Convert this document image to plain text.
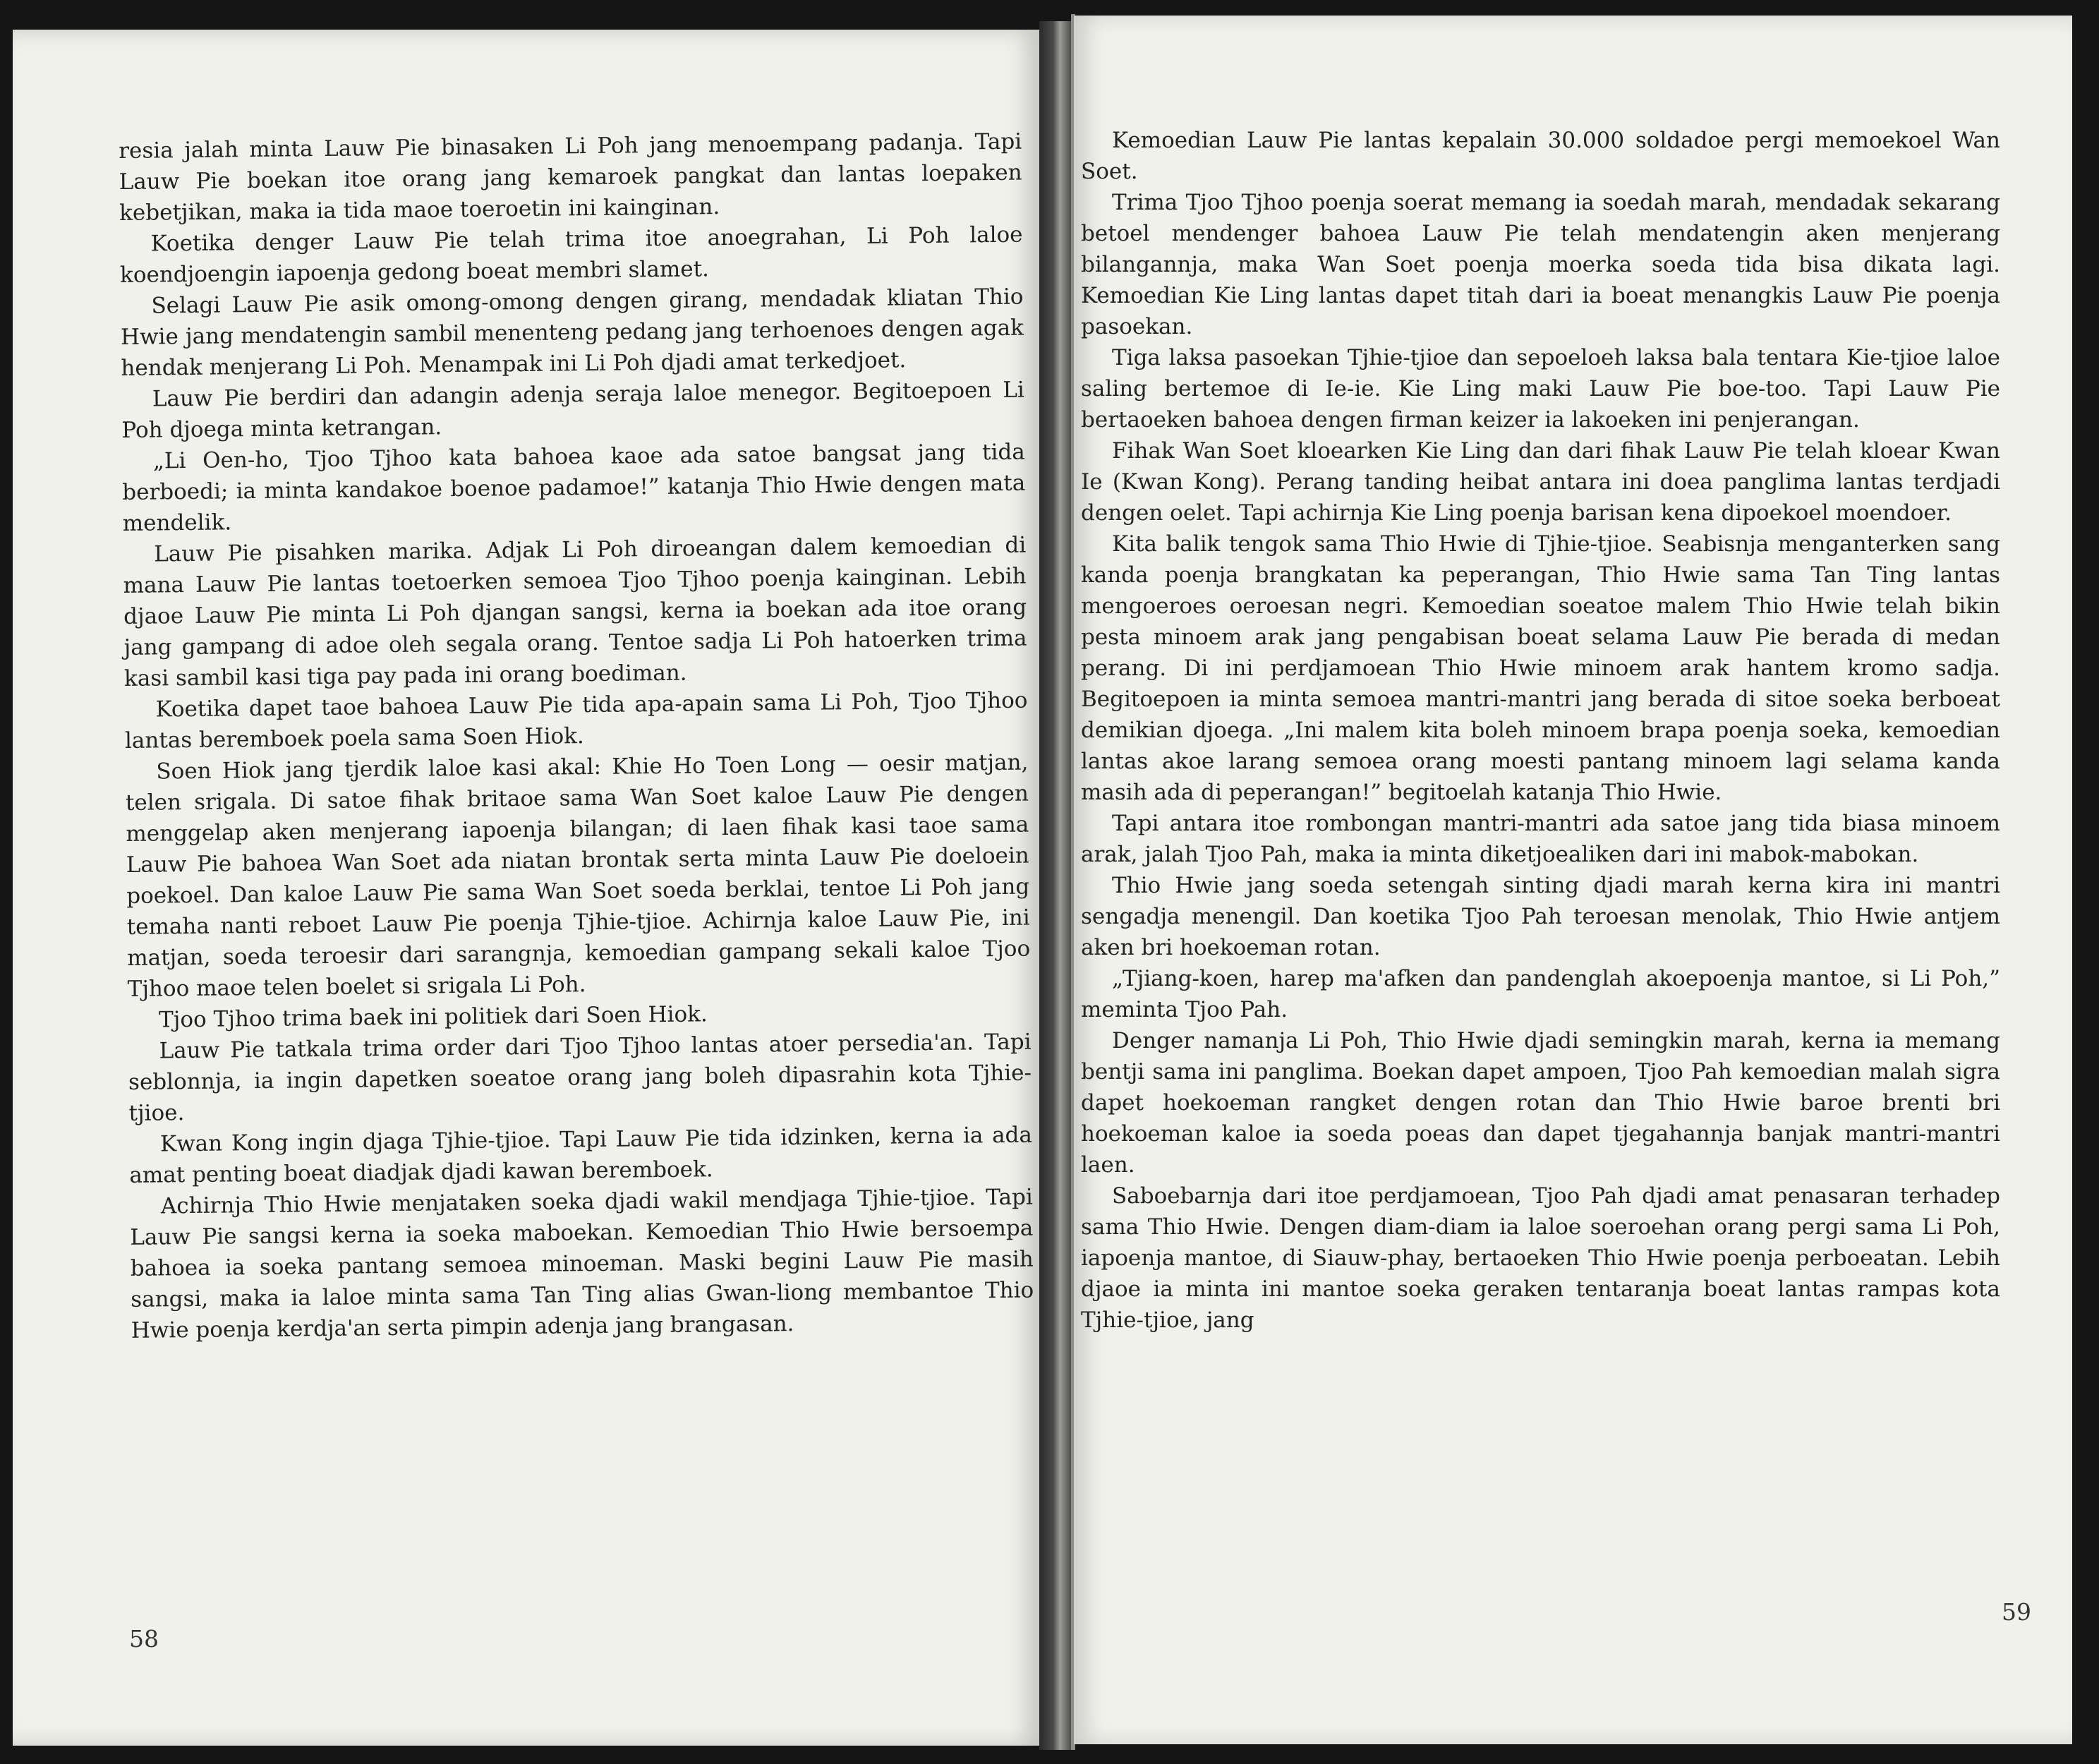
resia jalah minta Lauw Pie binasaken Li Poh jang menoempang padanja. Tapi Lauw Pie boekan itoe orang jang kemaroek pangkat dan lantas loepaken kebetjikan, maka ia tida maoe toeroetin ini kainginan.

Koetika denger Lauw Pie telah trima itoe anoegrahan, Li Poh laloe koendjoengin iapoenja gedong boeat membri slamet.

Selagi Lauw Pie asik omong-omong dengen girang, mendadak kliatan Thio Hwie jang mendatengin sambil menenteng pedang jang terhoenoes dengen agak hendak menjerang Li Poh. Menampak ini Li Poh djadi amat terkedjoet.

Lauw Pie berdiri dan adangin adenja seraja laloe menegor. Begitoepoen Li Poh djoega minta ketrangan.

„Li Oen-ho, Tjoo Tjhoo kata bahoea kaoe ada satoe bangsat jang tida berboedi; ia minta kandakoe boenoe padamoe!” katanja Thio Hwie dengen mata mendelik.

Lauw Pie pisahken marika. Adjak Li Poh diroeangan dalem kemoedian di mana Lauw Pie lantas toetoerken semoea Tjoo Tjhoo poenja kainginan. Lebih djaoe Lauw Pie minta Li Poh djangan sangsi, kerna ia boekan ada itoe orang jang gampang di adoe oleh segala orang. Tentoe sadja Li Poh hatoerken trima kasi sambil kasi tiga pay pada ini orang boediman.

Koetika dapet taoe bahoea Lauw Pie tida apa-apain sama Li Poh, Tjoo Tjhoo lantas beremboek poela sama Soen Hiok.

Soen Hiok jang tjerdik laloe kasi akal: Khie Ho Toen Long — oesir matjan, telen srigala. Di satoe fihak britaoe sama Wan Soet kaloe Lauw Pie dengen menggelap aken menjerang iapoenja bilangan; di laen fihak kasi taoe sama Lauw Pie bahoea Wan Soet ada niatan brontak serta minta Lauw Pie doeloein poekoel. Dan kaloe Lauw Pie sama Wan Soet soeda berklai, tentoe Li Poh jang temaha nanti reboet Lauw Pie poenja Tjhie-tjioe. Achirnja kaloe Lauw Pie, ini matjan, soeda teroesir dari sarangnja, kemoedian gampang sekali kaloe Tjoo Tjhoo maoe telen boelet si srigala Li Poh.

Tjoo Tjhoo trima baek ini politiek dari Soen Hiok.

Lauw Pie tatkala trima order dari Tjoo Tjhoo lantas atoer persedia'an. Tapi seblonnja, ia ingin dapetken soeatoe orang jang boleh dipasrahin kota Tjhie-tjioe.

Kwan Kong ingin djaga Tjhie-tjioe. Tapi Lauw Pie tida idzinken, kerna ia ada amat penting boeat diadjak djadi kawan beremboek.

Achirnja Thio Hwie menjataken soeka djadi wakil mendjaga Tjhie-tjioe. Tapi Lauw Pie sangsi kerna ia soeka maboekan. Kemoedian Thio Hwie bersoempa bahoea ia soeka pantang semoea minoeman. Maski begini Lauw Pie masih sangsi, maka ia laloe minta sama Tan Ting alias Gwan-liong membantoe Thio Hwie poenja kerdja'an serta pimpin adenja jang brangasan.

58

Kemoedian Lauw Pie lantas kepalain 30.000 soldadoe pergi memoekoel Wan Soet.

Trima Tjoo Tjhoo poenja soerat memang ia soedah marah, mendadak sekarang betoel mendenger bahoea Lauw Pie telah mendatengin aken menjerang bilangannja, maka Wan Soet poenja moerka soeda tida bisa dikata lagi. Kemoedian Kie Ling lantas dapet titah dari ia boeat menangkis Lauw Pie poenja pasoekan.

Tiga laksa pasoekan Tjhie-tjioe dan sepoeloeh laksa bala tentara Kie-tjioe laloe saling bertemoe di Ie-ie. Kie Ling maki Lauw Pie boe-too. Tapi Lauw Pie bertaoeken bahoea dengen firman keizer ia lakoeken ini penjerangan.

Fihak Wan Soet kloearken Kie Ling dan dari fihak Lauw Pie telah kloear Kwan Ie (Kwan Kong). Perang tanding heibat antara ini doea panglima lantas terdjadi dengen oelet. Tapi achirnja Kie Ling poenja barisan kena dipoekoel moendoer.

Kita balik tengok sama Thio Hwie di Tjhie-tjioe. Seabisnja menganterken sang kanda poenja brangkatan ka peperangan, Thio Hwie sama Tan Ting lantas mengoeroes oeroesan negri. Kemoedian soeatoe malem Thio Hwie telah bikin pesta minoem arak jang pengabisan boeat selama Lauw Pie berada di medan perang. Di ini perdjamoean Thio Hwie minoem arak hantem kromo sadja. Begitoepoen ia minta semoea mantri-mantri jang berada di sitoe soeka berboeat demikian djoega. „Ini malem kita boleh minoem brapa poenja soeka, kemoedian lantas akoe larang semoea orang moesti pantang minoem lagi selama kanda masih ada di peperangan!” begitoelah katanja Thio Hwie.

Tapi antara itoe rombongan mantri-mantri ada satoe jang tida biasa minoem arak, jalah Tjoo Pah, maka ia minta diketjoealiken dari ini mabok-mabokan.

Thio Hwie jang soeda setengah sinting djadi marah kerna kira ini mantri sengadja menengil. Dan koetika Tjoo Pah teroesan menolak, Thio Hwie antjem aken bri hoekoeman rotan.

„Tjiang-koen, harep ma'afken dan pandenglah akoepoenja mantoe, si Li Poh,” meminta Tjoo Pah.

Denger namanja Li Poh, Thio Hwie djadi semingkin marah, kerna ia memang bentji sama ini panglima. Boekan dapet ampoen, Tjoo Pah kemoedian malah sigra dapet hoekoeman rangket dengen rotan dan Thio Hwie baroe brenti bri hoekoeman kaloe ia soeda poeas dan dapet tjegahannja banjak mantri-mantri laen.

Saboebarnja dari itoe perdjamoean, Tjoo Pah djadi amat penasaran terhadep sama Thio Hwie. Dengen diam-diam ia laloe soeroehan orang pergi sama Li Poh, iapoenja mantoe, di Siauw-phay, bertaoeken Thio Hwie poenja perboeatan. Lebih djaoe ia minta ini mantoe soeka geraken tentaranja boeat lantas rampas kota Tjhie-tjioe, jang

59
